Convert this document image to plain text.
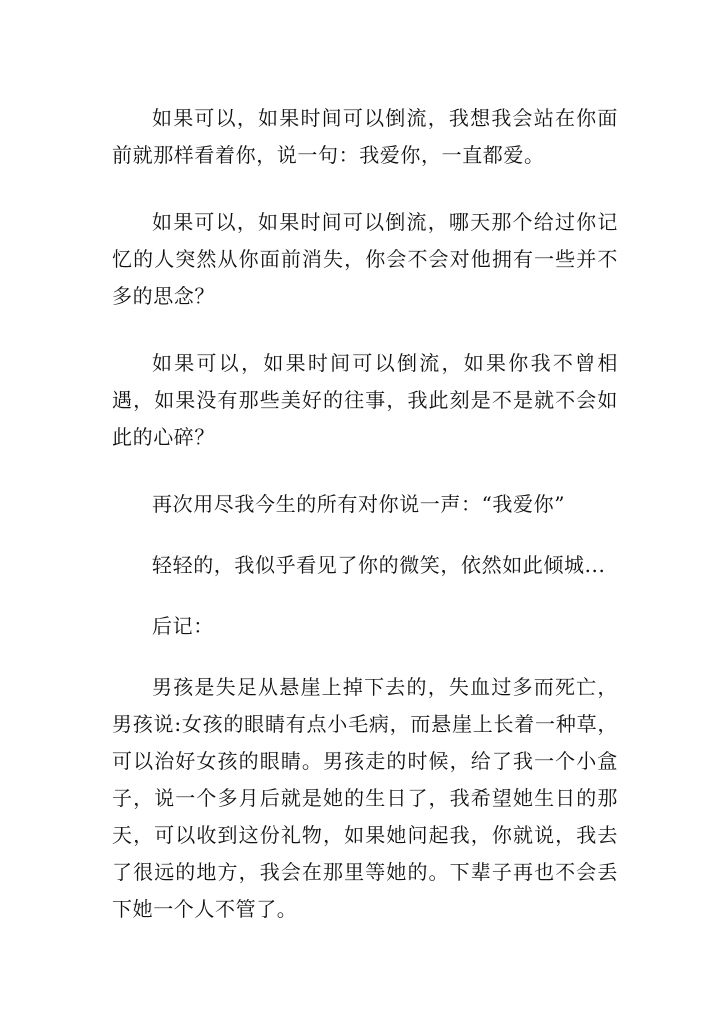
如果可以，如果时间可以倒流，我想我会站在你面前就那样看着你，说一句：我爱你，一直都爱。

如果可以，如果时间可以倒流，哪天那个给过你记忆的人突然从你面前消失，你会不会对他拥有一些并不多的思念？

如果可以，如果时间可以倒流，如果你我不曾相遇，如果没有那些美好的往事，我此刻是不是就不会如此的心碎？

再次用尽我今生的所有对你说一声：“我爱你”

轻轻的，我似乎看见了你的微笑，依然如此倾城...

后记：

男孩是失足从悬崖上掉下去的，失血过多而死亡，男孩说:女孩的眼睛有点小毛病，而悬崖上长着一种草，可以治好女孩的眼睛。男孩走的时候，给了我一个小盒子，说一个多月后就是她的生日了，我希望她生日的那天，可以收到这份礼物，如果她问起我，你就说，我去了很远的地方，我会在那里等她的。下辈子再也不会丢下她一个人不管了。
